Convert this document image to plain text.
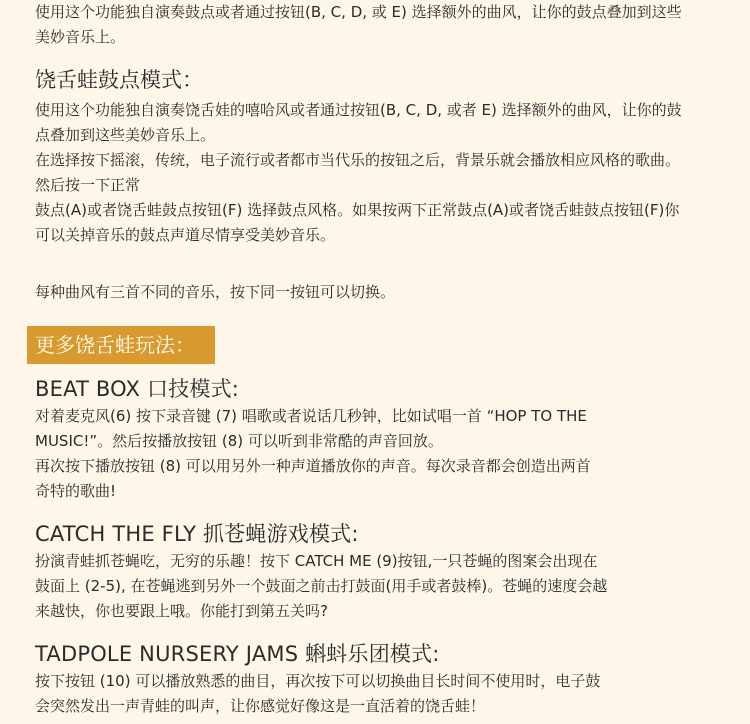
使用这个功能独自演奏鼓点或者通过按钮(B, C, D, 或 E) 选择额外的曲风，让你的鼓点叠加到这些
美妙音乐上。

饶舌蛙鼓点模式：

使用这个功能独自演奏饶舌娃的嘻哈风或者通过按钮(B, C, D, 或者 E) 选择额外的曲风，让你的鼓
点叠加到这些美妙音乐上。
在选择按下摇滚，传统，电子流行或者都市当代乐的按钮之后，背景乐就会播放相应风格的歌曲。
然后按一下正常
鼓点(A)或者饶舌蛙鼓点按钮(F) 选择鼓点风格。如果按两下正常鼓点(A)或者饶舌蛙鼓点按钮(F)你
可以关掉音乐的鼓点声道尽情享受美妙音乐。

每种曲风有三首不同的音乐，按下同一按钮可以切换。

更多饶舌蛙玩法：
BEAT BOX 口技模式:

对着麦克风(6) 按下录音键 (7) 唱歌或者说话几秒钟，比如试唱一首 “HOP TO THE
MUSIC!”。然后按播放按钮 (8) 可以听到非常酷的声音回放。
再次按下播放按钮 (8) 可以用另外一种声道播放你的声音。每次录音都会创造出两首
奇特的歌曲!

CATCH THE FLY 抓苍蝇游戏模式:

扮演青蛙抓苍蝇吃，无穷的乐趣！按下 CATCH ME (9)按钮,一只苍蝇的图案会出现在
鼓面上 (2-5), 在苍蝇逃到另外一个鼓面之前击打鼓面(用手或者鼓棒)。苍蝇的速度会越
来越快，你也要跟上哦。你能打到第五关吗?

TADPOLE NURSERY JAMS 蝌蚪乐团模式:

按下按钮 (10) 可以播放熟悉的曲目，再次按下可以切换曲目长时间不使用时，电子鼓
会突然发出一声青蛙的叫声，让你感觉好像这是一直活着的饶舌蛙！
